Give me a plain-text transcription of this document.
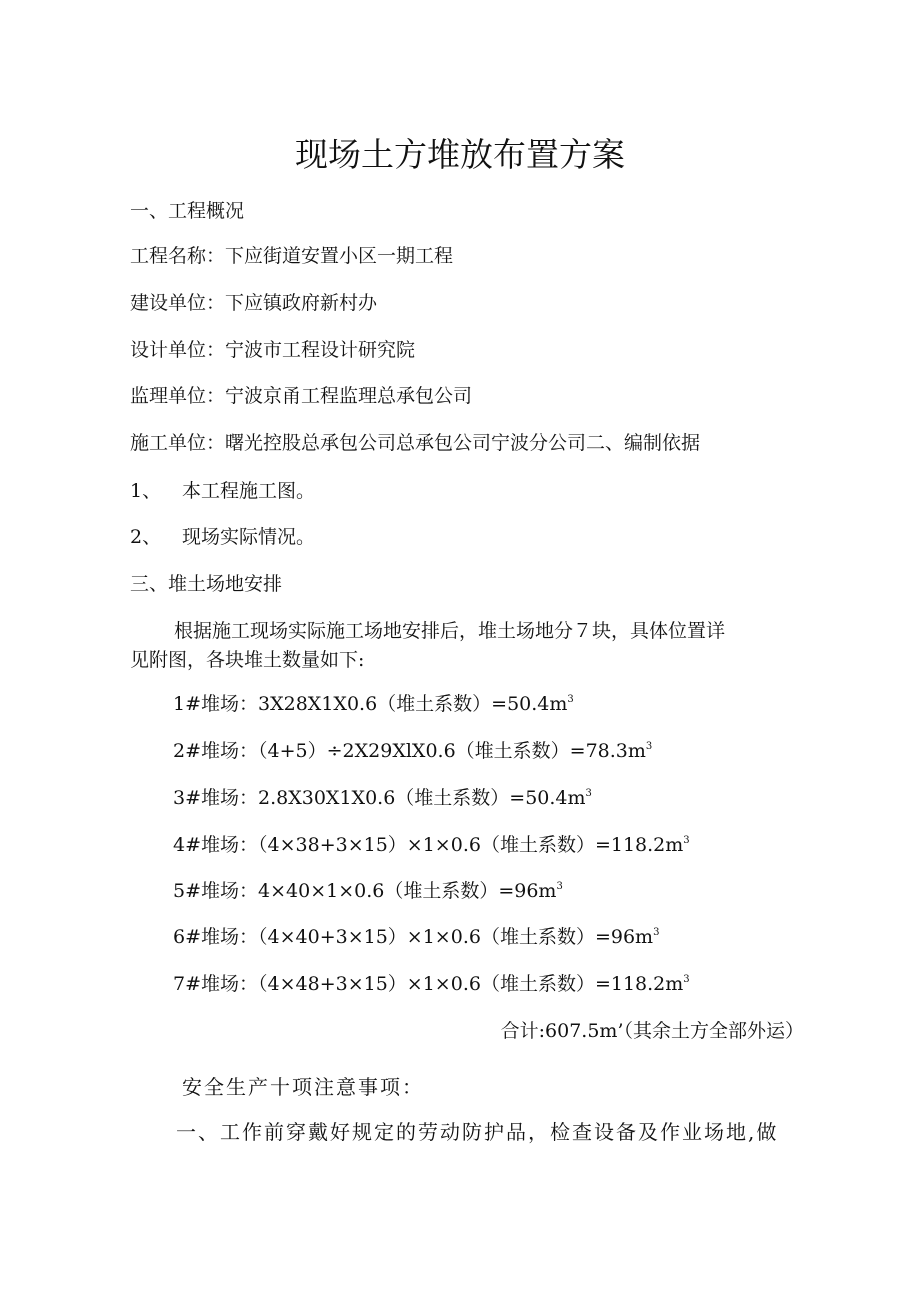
现场土方堆放布置方案
一、工程概况
工程名称：下应街道安置小区一期工程
建设单位：下应镇政府新村办
设计单位：宁波市工程设计研究院
监理单位：宁波京甬工程监理总承包公司
施工单位：曙光控股总承包公司总承包公司宁波分公司二、编制依据
1、 本工程施工图。
2、 现场实际情况。
三、堆土场地安排
根据施工现场实际施工场地安排后，堆土场地分７块，具体位置详
见附图，各块堆土数量如下:
1#堆场：3X28X1X0.6（堆土系数）$=50.4m^3$
2#堆场：（4+5）÷2X29XlX0.6（堆土系数）$=78.3m^3$
3#堆场：2.8X30X1X0.6（堆土系数）$=50.4m^3$
4#堆场：（4×38+3×15）×1×0.6（堆土系数）$=118.2m^3$
5#堆场：4×40×1×0.6（堆土系数）$=96m^3$
6#堆场：（4×40+3×15）×1×0.6（堆土系数）$=96m^3$
7#堆场：（4×48+3×15）×1×0.6（堆土系数）$=118.2m^3$
合计:607.5m’（其余土方全部外运）
安全生产十项注意事项：
一、工作前穿戴好规定的劳动防护品，检查设备及作业场地,做
